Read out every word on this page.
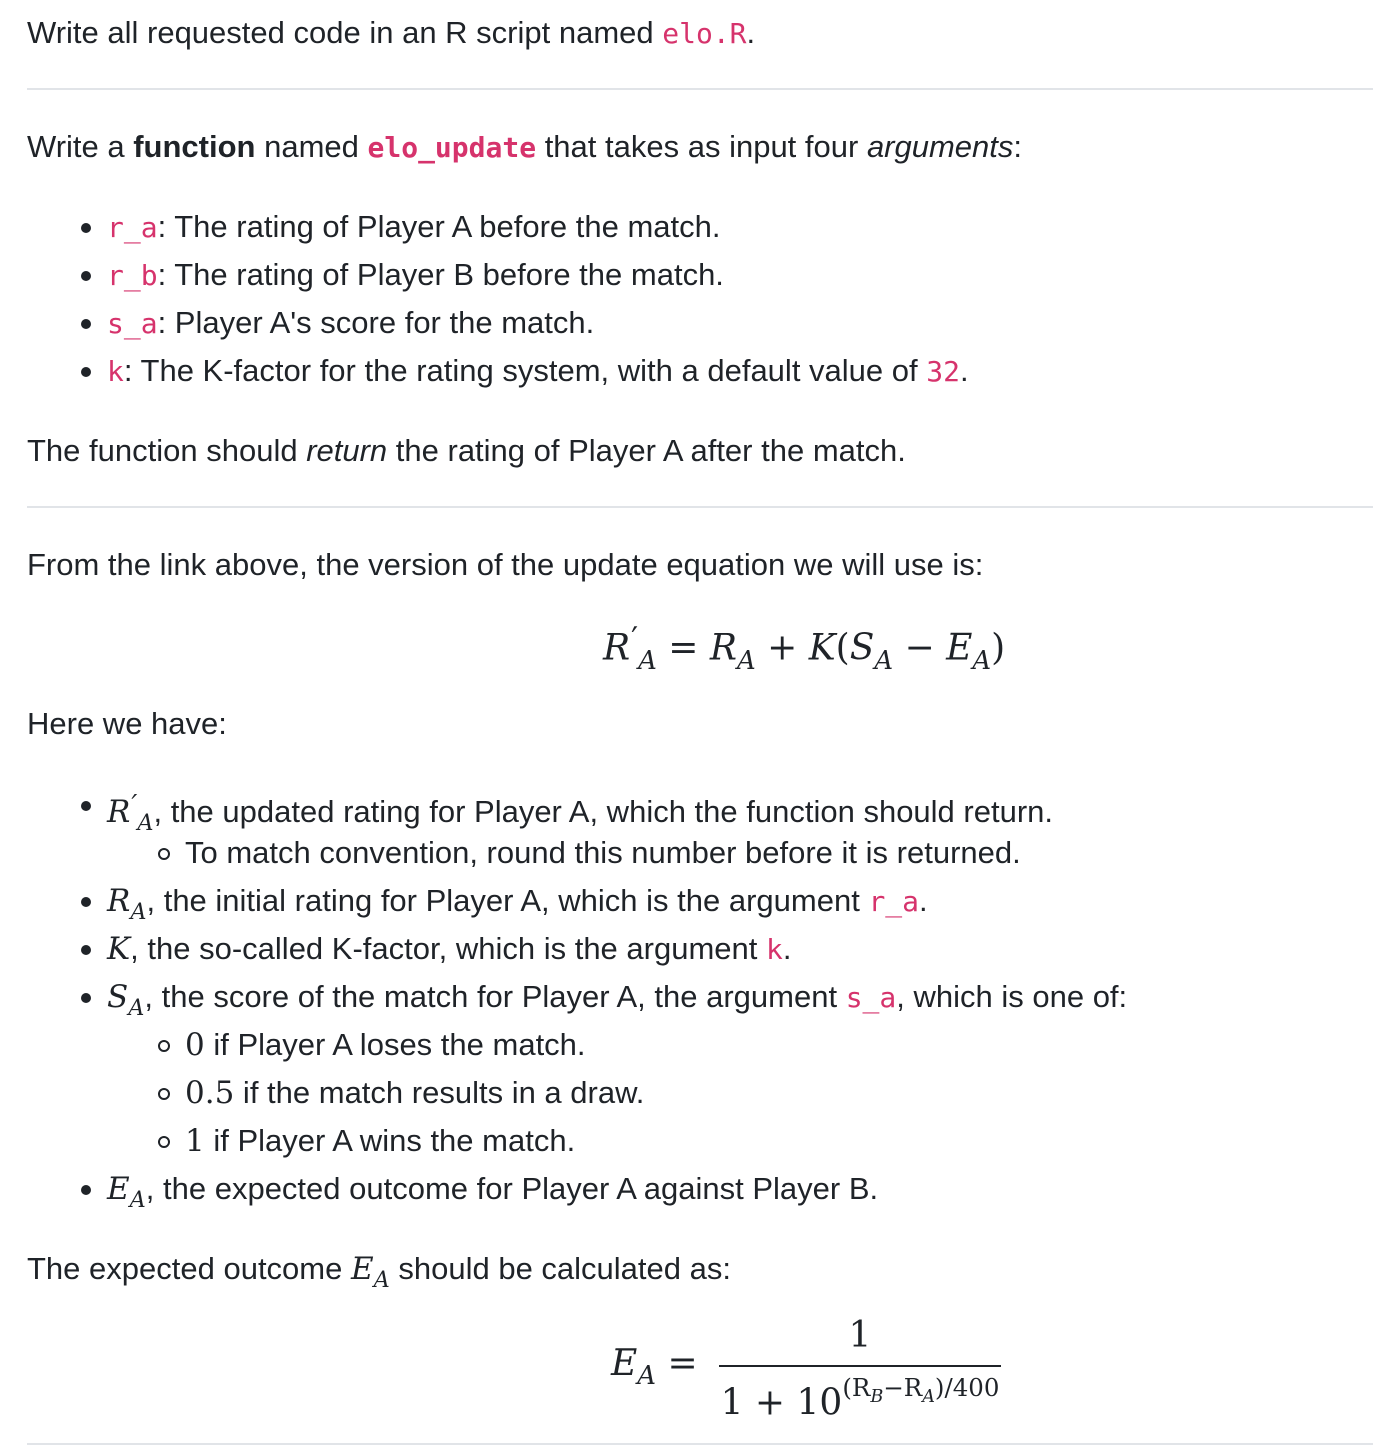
Write all requested code in an R script named elo.R.
Write a function named elo_update that takes as input four arguments:
r_a: The rating of Player A before the match.
r_b: The rating of Player B before the match.
s_a: Player A's score for the match.
k: The K-factor for the rating system, with a default value of 32.
The function should return the rating of Player A after the match.
From the link above, the version of the update equation we will use is:
$R'_A = R_A + K(S_A - E_A)$
Here we have:
$R'_A$, the updated rating for Player A, which the function should return.
To match convention, round this number before it is returned.
$R_A$, the initial rating for Player A, which is the argument r_a.
K, the so-called K-factor, which is the argument k.
$S_A$, the score of the match for Player A, the argument s_a, which is one of:
0 if Player A loses the match.
0.5 if the match results in a draw.
1 if Player A wins the match.
$E_A$, the expected outcome for Player A against Player B.
The expected outcome $E_A$ should be calculated as:
$E_A$ =
1
$1 + 10^{(R_B-R_A)/400}$
